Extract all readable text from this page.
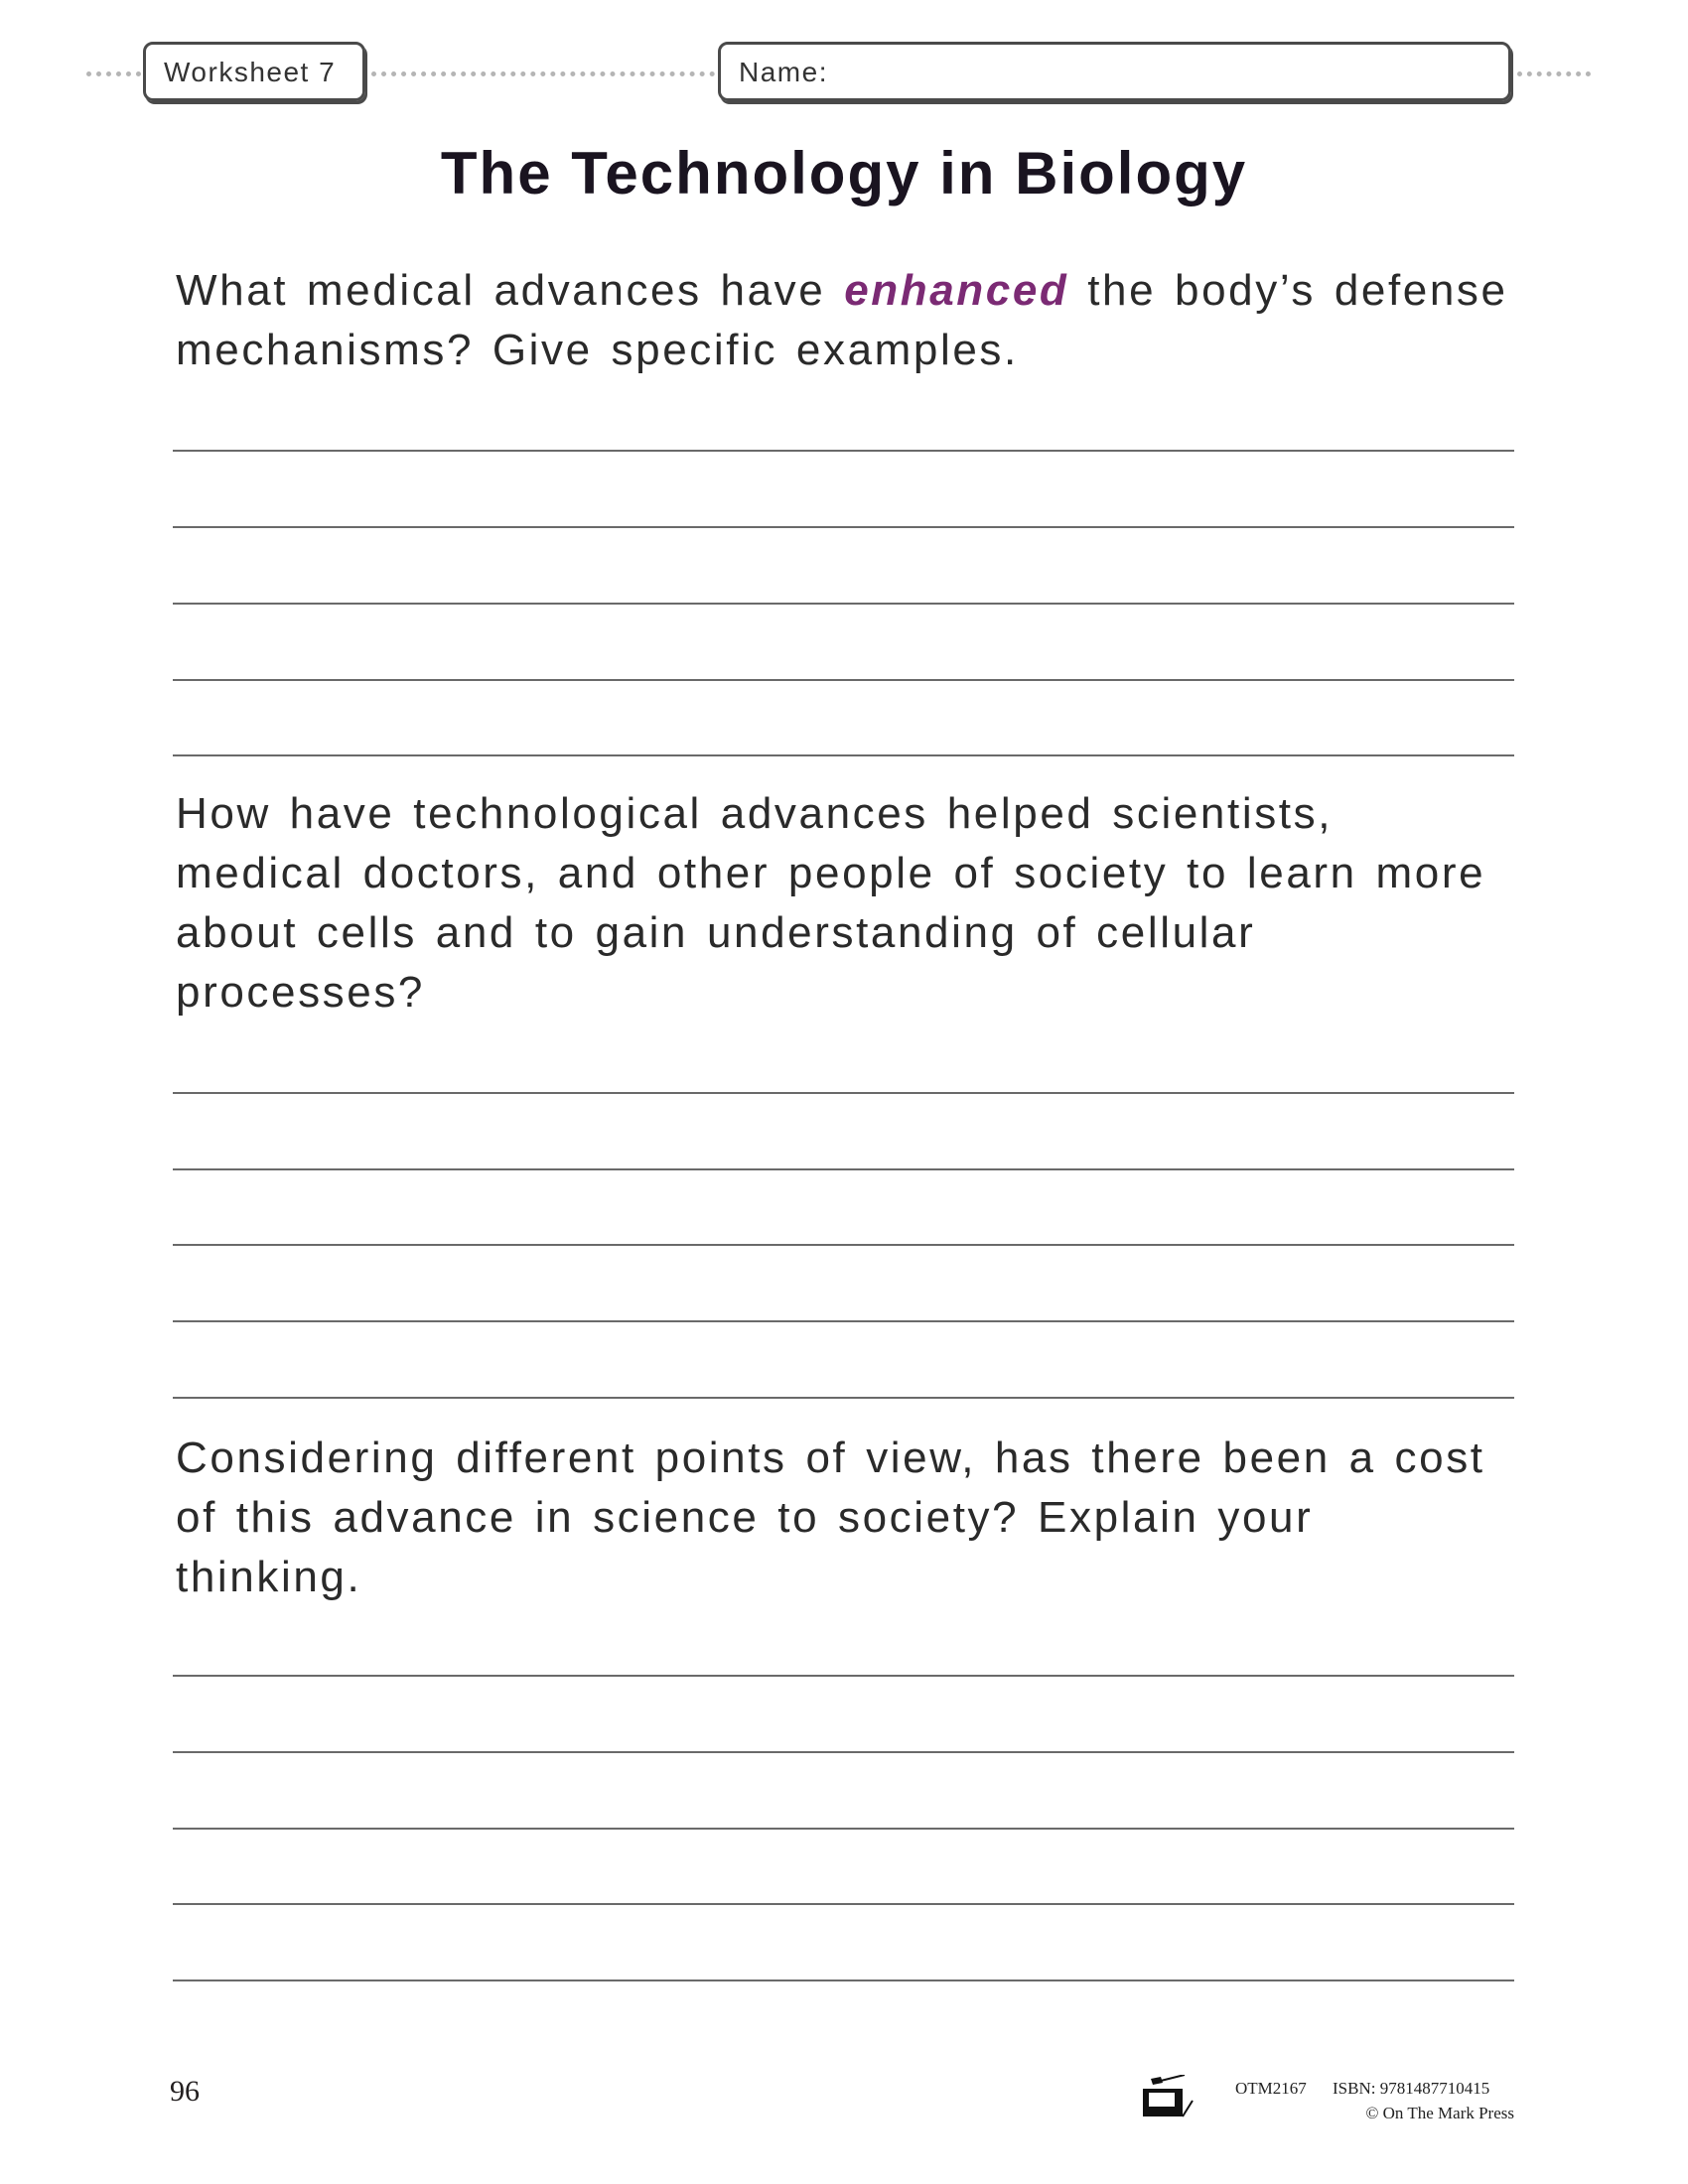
Worksheet 7	Name:
The Technology in Biology
What medical advances have enhanced the body’s defense mechanisms? Give specific examples.
How have technological advances helped scientists, medical doctors, and other people of society to learn more about cells and to gain understanding of cellular processes?
Considering different points of view, has there been a cost of this advance in science to society? Explain your thinking.
96	OTM2167 ISBN: 9781487710415
© On The Mark Press
